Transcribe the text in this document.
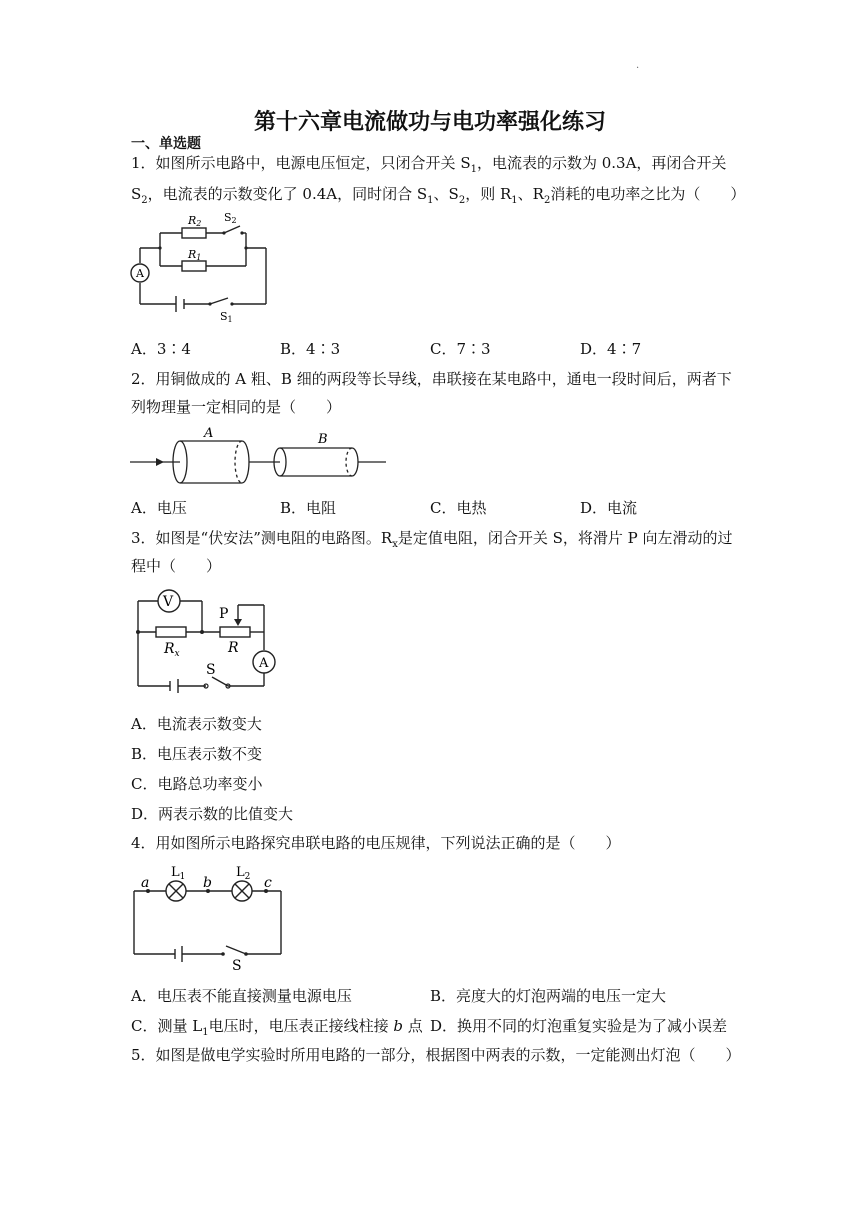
.
第十六章电流做功与电功率强化练习
一、单选题
1．如图所示电路中，电源电压恒定，只闭合开关 $S_1$，电流表的示数为 0.3A，再闭合开关
$S_2$，电流表的示数变化了 0.4A，同时闭合 $S_1$、$S_2$，则 $R_1$、$R_2$消耗的电功率之比为（　　）
A
R2 S2
R1
S1
A．3∶4	B．4∶3	C．7∶3	D．4∶7
2．用铜做成的 A 粗、B 细的两段等长导线，串联接在某电路中，通电一段时间后，两者下
列物理量一定相同的是（　　）
A	B
A．电压	B．电阻	C．电热	D．电流
3．如图是“伏安法”测电阻的电路图。$R_x$是定值电阻，闭合开关 S，将滑片 P 向左滑动的过
程中（　　）
V
A
P
$R_x$	R
S
A．电流表示数变大
B．电压表示数不变
C．电路总功率变小
D．两表示数的比值变大
4．用如图所示电路探究串联电路的电压规律，下列说法正确的是（　　）
a	b	c
$L_1$	$L_2$
S
A．电压表不能直接测量电源电压	B．亮度大的灯泡两端的电压一定大
C．测量 $L_1$电压时，电压表正接线柱接 b 点 D．换用不同的灯泡重复实验是为了减小误差
5．如图是做电学实验时所用电路的一部分，根据图中两表的示数，一定能测出灯泡（　　）
